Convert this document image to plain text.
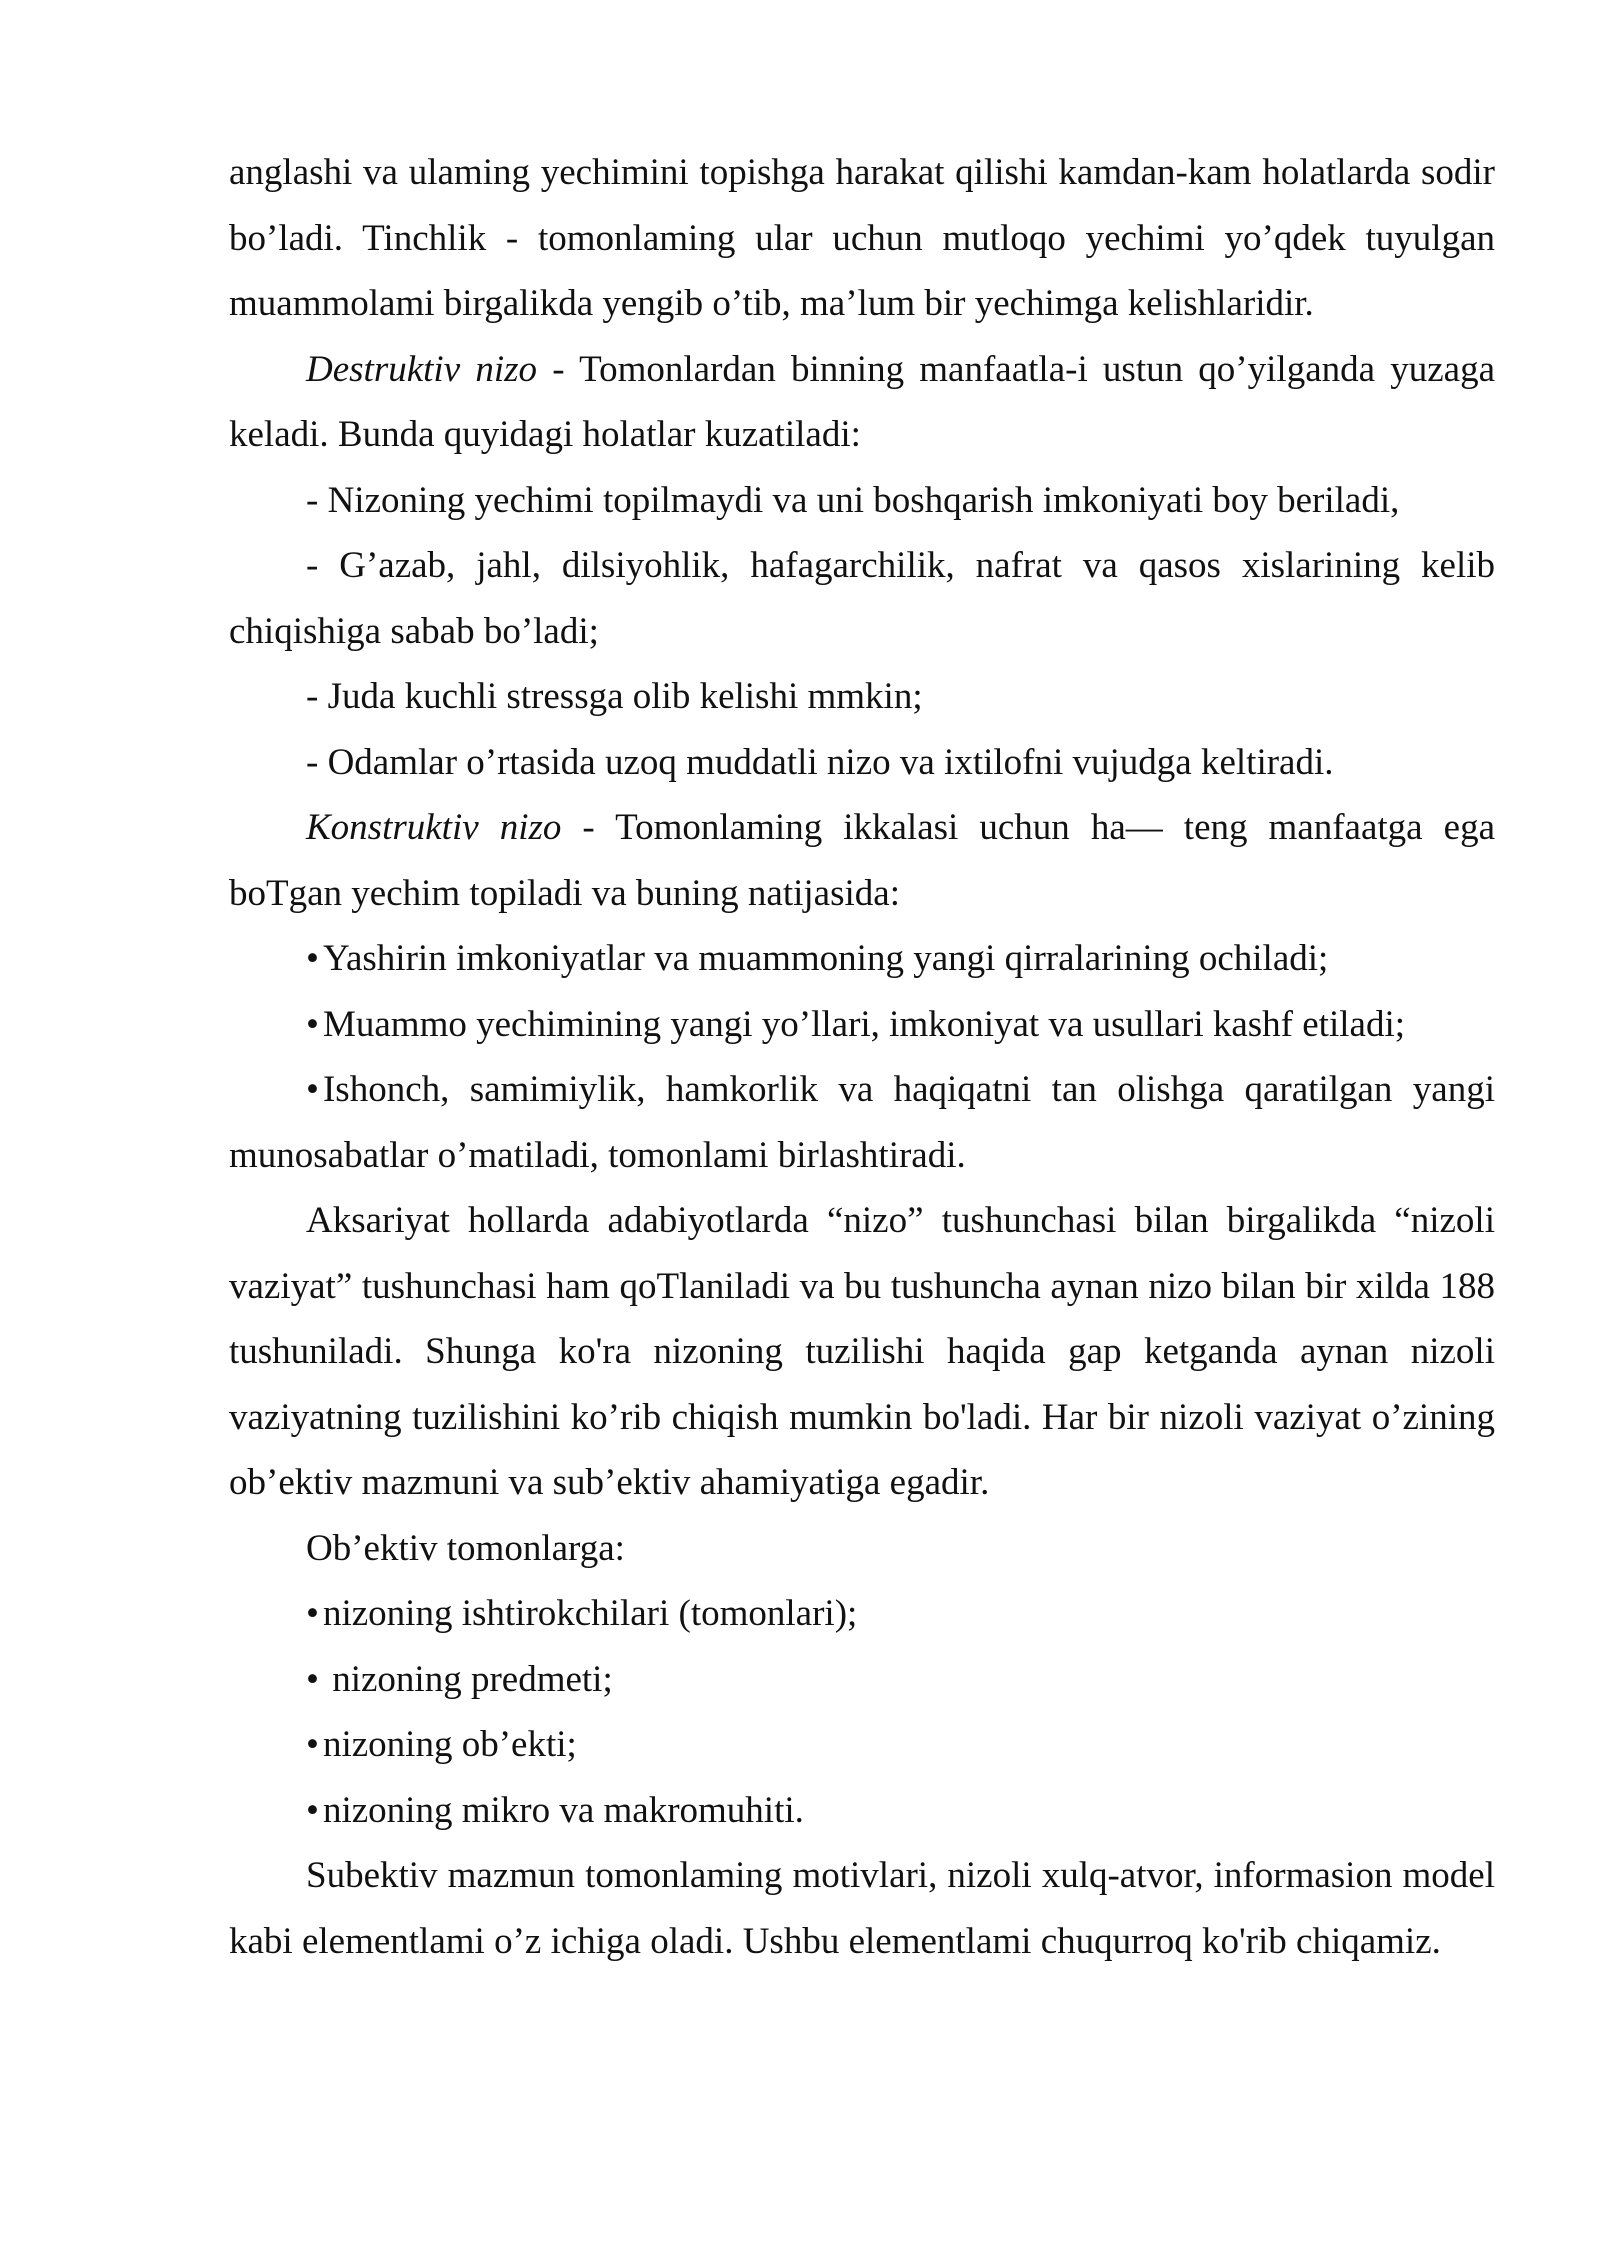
anglashi va ulaming yechimini topishga harakat qilishi kamdan-kam holatlarda sodir bo’ladi. Tinchlik - tomonlaming ular uchun mutloqo yechimi yo’qdek tuyulgan muammolami birgalikda yengib o’tib, ma’lum bir yechimga kelishlaridir.

Destruktiv nizo - Tomonlardan binning manfaatla-i ustun qo’yilganda yuzaga keladi. Bunda quyidagi holatlar kuzatiladi:

- Nizoning yechimi topilmaydi va uni boshqarish imkoniyati boy beriladi,

- G’azab, jahl, dilsiyohlik, hafagarchilik, nafrat va qasos xislarining kelib chiqishiga sabab bo’ladi;

- Juda kuchli stressga olib kelishi mmkin;

- Odamlar o’rtasida uzoq muddatli nizo va ixtilofni vujudga keltiradi.

Konstruktiv nizo - Tomonlaming ikkalasi uchun ha— teng manfaatga ega boTgan yechim topiladi va buning natijasida:

• Yashirin imkoniyatlar va muammoning yangi qirralarining ochiladi;

• Muammo yechimining yangi yo’llari, imkoniyat va usullari kashf etiladi;

• Ishonch, samimiylik, hamkorlik va haqiqatni tan olishga qaratilgan yangi munosabatlar o’matiladi, tomonlami birlashtiradi.

Aksariyat hollarda adabiyotlarda “nizo” tushunchasi bilan birgalikda “nizoli vaziyat” tushunchasi ham qoTlaniladi va bu tushuncha aynan nizo bilan bir xilda 188 tushuniladi. Shunga ko'ra nizoning tuzilishi haqida gap ketganda aynan nizoli vaziyatning tuzilishini ko’rib chiqish mumkin bo'ladi. Har bir nizoli vaziyat o’zining ob’ektiv mazmuni va sub’ektiv ahamiyatiga egadir.

Ob’ektiv tomonlarga:

• nizoning ishtirokchilari (tomonlari);

• nizoning predmeti;

• nizoning ob’ekti;

• nizoning mikro va makromuhiti.

Subektiv mazmun tomonlaming motivlari, nizoli xulq-atvor, informasion model kabi elementlami o’z ichiga oladi. Ushbu elementlami chuqurroq ko'rib chiqamiz.
